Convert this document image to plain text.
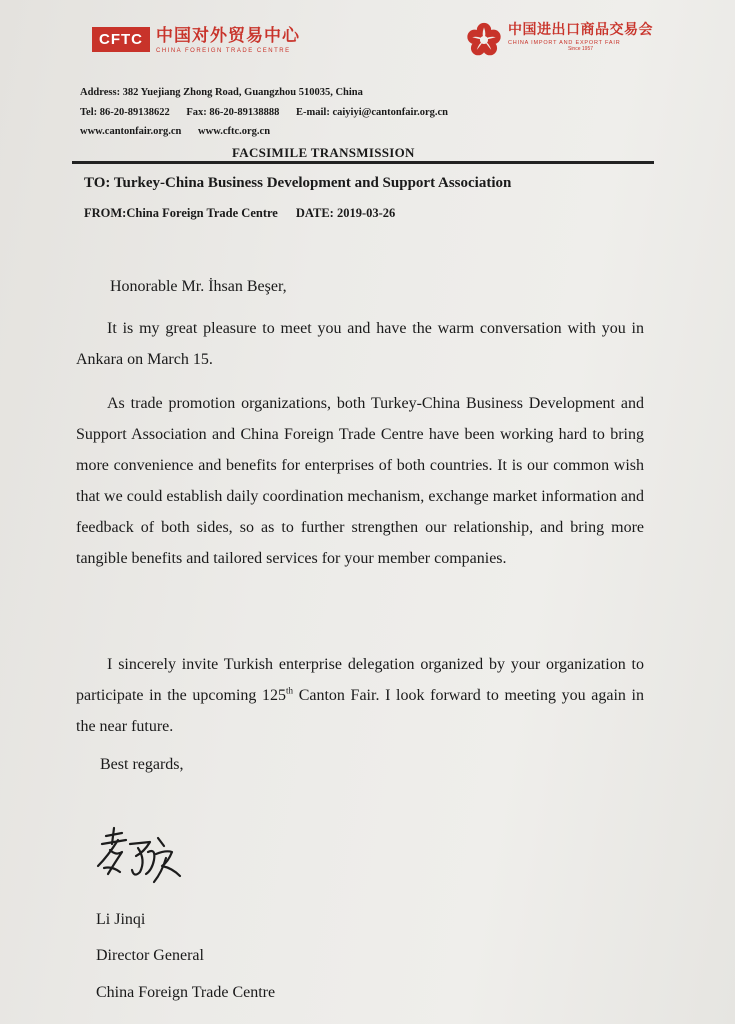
CFTC 中国对外贸易中心
CHINA FOREIGN TRADE CENTRE
中国进出口商品交易会
CHINA IMPORT AND EXPORT FAIR
Since 1957
Address: 382 Yuejiang Zhong Road, Guangzhou 510035, China
Tel: 86-20-89138622 Fax: 86-20-89138888 E-mail: caiyiyi@cantonfair.org.cn
www.cantonfair.org.cn www.cftc.org.cn
FACSIMILE TRANSMISSION
TO: Turkey-China Business Development and Support Association
FROM:China Foreign Trade Centre DATE: 2019-03-26
Honorable Mr. İhsan Beşer,
It is my great pleasure to meet you and have the warm conversation with you in Ankara on March 15.
As trade promotion organizations, both Turkey-China Business Development and Support Association and China Foreign Trade Centre have been working hard to bring more convenience and benefits for enterprises of both countries. It is our common wish that we could establish daily coordination mechanism, exchange market information and feedback of both sides, so as to further strengthen our relationship, and bring more tangible benefits and tailored services for your member companies.
I sincerely invite Turkish enterprise delegation organized by your organization to participate in the upcoming 125th Canton Fair. I look forward to meeting you again in the near future.
Best regards,
Li Jinqi
Director General
China Foreign Trade Centre
